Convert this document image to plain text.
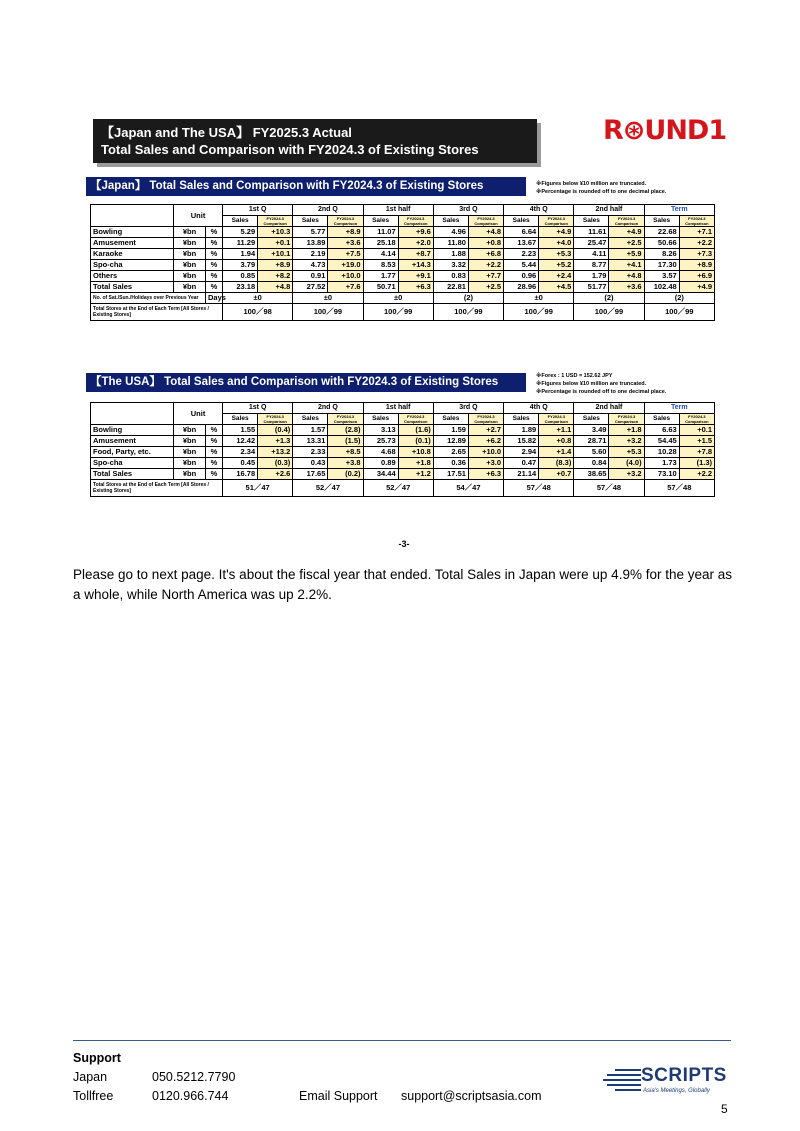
【Japan and The USA】 FY2025.3 Actual
Total Sales and Comparison with FY2024.3 of Existing Stores
R⊛UND1
【Japan】 Total Sales and Comparison with FY2024.3 of Existing Stores	※Figures below ¥10 million are truncated.
※Percentage is rounded off to one decimal place.
	Unit		1st Q		2nd Q		1st half		3rd Q		4th Q		2nd half		Term	
			Sales	FY2024.3 Comparison	Sales	FY2024.3 Comparison	Sales	FY2024.3 Comparison	Sales	FY2024.3 Comparison	Sales	FY2024.3 Comparison	Sales	FY2024.3 Comparison	Sales	FY2024.3 Comparison
Bowling	¥bn	%	5.29	+10.3	5.77	+8.9	11.07	+9.6	4.96	+4.8	6.64	+4.9	11.61	+4.9	22.68	+7.1
Amusement	¥bn	%	11.29	+0.1	13.89	+3.6	25.18	+2.0	11.80	+0.8	13.67	+4.0	25.47	+2.5	50.66	+2.2
Karaoke	¥bn	%	1.94	+10.1	2.19	+7.5	4.14	+8.7	1.88	+6.8	2.23	+5.3	4.11	+5.9	8.26	+7.3
Spo-cha	¥bn	%	3.79	+8.9	4.73	+19.0	8.53	+14.3	3.32	+2.2	5.44	+5.2	8.77	+4.1	17.30	+8.9
Others	¥bn	%	0.85	+8.2	0.91	+10.0	1.77	+9.1	0.83	+7.7	0.96	+2.4	1.79	+4.8	3.57	+6.9
Total Sales	¥bn	%	23.18	+4.8	27.52	+7.6	50.71	+6.3	22.81	+2.5	28.96	+4.5	51.77	+3.6	102.48	+4.9
No. of Sat./Sun./Holidays over Previous Year		Days	±0		±0		±0		(2)		±0		(2)		(2)	
Total Stores at the End of Each Term [All Stores / Existing Stores]			100／98		100／99		100／99		100／99		100／99		100／99		100／99	
【The USA】 Total Sales and Comparison with FY2024.3 of Existing Stores	※Forex : 1 USD = 152.62 JPY
※Figures below ¥10 million are truncated.
※Percentage is rounded off to one decimal place.
	Unit		1st Q		2nd Q		1st half		3rd Q		4th Q		2nd half		Term	
			Sales	FY2024.3 Comparison	Sales	FY2024.3 Comparison	Sales	FY2024.3 Comparison	Sales	FY2024.3 Comparison	Sales	FY2024.3 Comparison	Sales	FY2024.3 Comparison	Sales	FY2024.3 Comparison
Bowling	¥bn	%	1.55	(0.4)	1.57	(2.8)	3.13	(1.6)	1.59	+2.7	1.89	+1.1	3.49	+1.8	6.63	+0.1
Amusement	¥bn	%	12.42	+1.3	13.31	(1.5)	25.73	(0.1)	12.89	+6.2	15.82	+0.8	28.71	+3.2	54.45	+1.5
Food, Party, etc.	¥bn	%	2.34	+13.2	2.33	+8.5	4.68	+10.8	2.65	+10.0	2.94	+1.4	5.60	+5.3	10.28	+7.8
Spo-cha	¥bn	%	0.45	(0.3)	0.43	+3.8	0.89	+1.8	0.36	+3.0	0.47	(8.3)	0.84	(4.0)	1.73	(1.3)
Total Sales	¥bn	%	16.78	+2.6	17.65	(0.2)	34.44	+1.2	17.51	+6.3	21.14	+0.7	38.65	+3.2	73.10	+2.2
Total Stores at the End of Each Term [All Stores / Existing Stores]			51／47		52／47		52／47		54／47		57／48		57／48		57／48	
-3-
Please go to next page. It's about the fiscal year that ended. Total Sales in Japan were up 4.9% for the year as a whole, while North America was up 2.2%.
Support
Japan	050.5212.7790
Tollfree	0120.966.744	Email Support support@scriptsasia.com
SCRIPTS
Asia's Meetings, Globally
5
